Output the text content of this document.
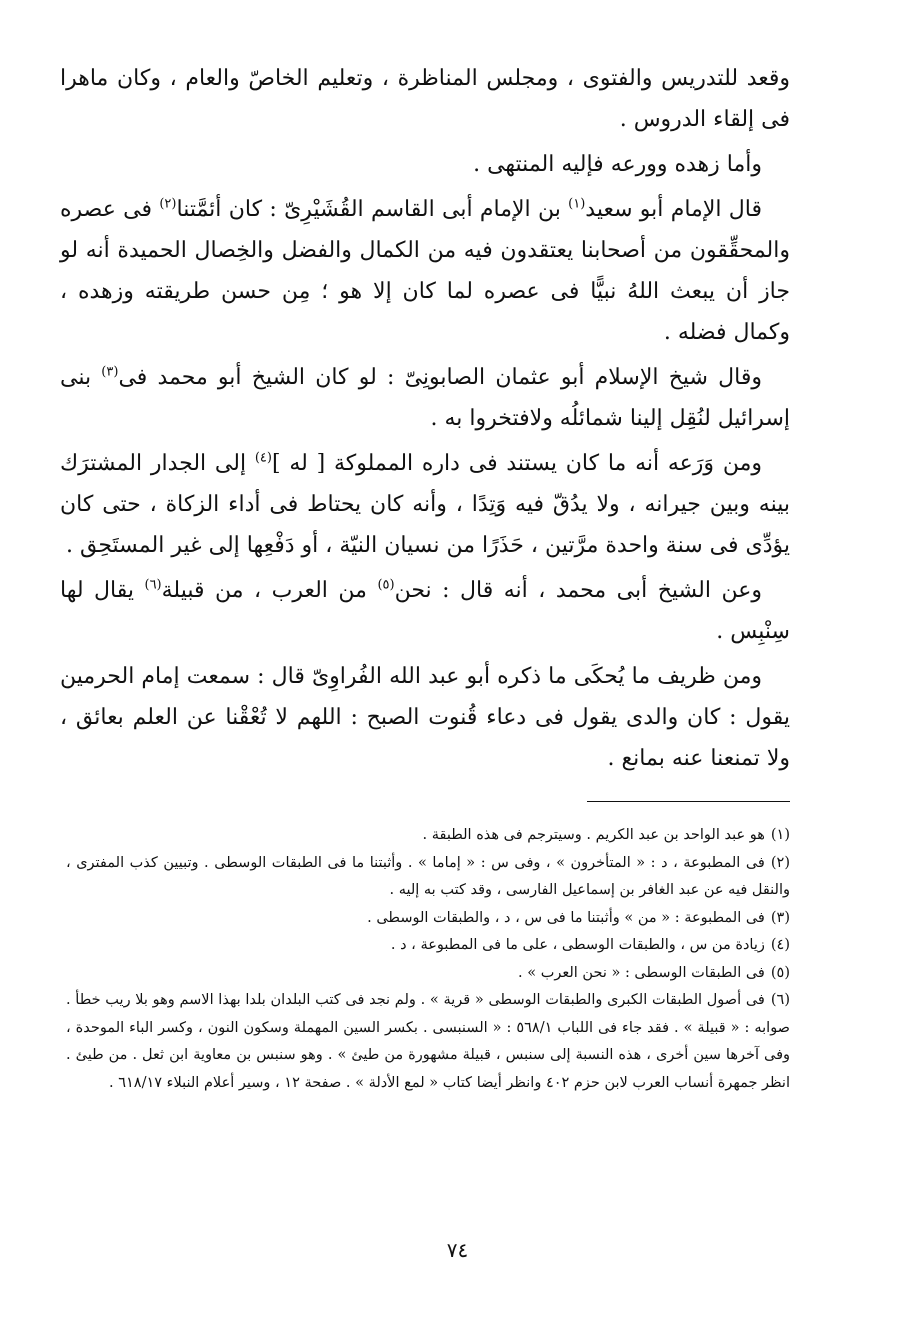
وقعد للتدريس والفتوى ، ومجلس المناظرة ، وتعليم الخاصّ والعام ، وكان ماهرا فى إلقاء الدروس .

وأما زهده وورعه فإليه المنتهى .

قال الإمام أبو سعيد$^{(١)}$ بن الإمام أبى القاسم القُشَيْرِىّ : كان أئمَّتنا$^{(٢)}$ فى عصره والمحقِّقون من أصحابنا يعتقدون فيه من الكمال والفضل والخِصال الحميدة أنه لو جاز أن يبعث اللهُ نبيًّا فى عصره لما كان إلا هو ؛ مِن حسن طريقته وزهده ، وكمال فضله .

وقال شيخ الإسلام أبو عثمان الصابونِىّ : لو كان الشيخ أبو محمد فى$^{(٣)}$ بنى إسرائيل لنُقِل إلينا شمائلُه ولافتخروا به .

ومن وَرَعه أنه ما كان يستند فى داره المملوكة [ له ]$^{(٤)}$ إلى الجدار المشترَك بينه وبين جيرانه ، ولا يدُقّ فيه وَتِدًا ، وأنه كان يحتاط فى أداء الزكاة ، حتى كان يؤدِّى فى سنة واحدة مرَّتين ، حَذَرًا من نسيان النيّة ، أو دَفْعِها إلى غير المستَحِق .

وعن الشيخ أبى محمد ، أنه قال : نحن$^{(٥)}$ من العرب ، من قبيلة$^{(٦)}$ يقال لها سِنْبِس .

ومن ظريف ما يُحكَى ما ذكره أبو عبد الله الفُراوِىّ قال : سمعت إمام الحرمين يقول : كان والدى يقول فى دعاء قُنوت الصبح : اللهم لا تُعْقْنا عن العلم بعائق ، ولا تمنعنا عنه بمانع .

(١)هو عبد الواحد بن عبد الكريم . وسيترجم فى هذه الطبقة .

(٢)فى المطبوعة ، د : « المتأخرون » ، وفى س : « إماما » . وأثبتنا ما فى الطبقات الوسطى . وتبيين كذب المفترى ، والنقل فيه عن عبد الغافر بن إسماعيل الفارسى ، وقد كتب به إليه .

(٣)فى المطبوعة : « من » وأثبتنا ما فى س ، د ، والطبقات الوسطى .

(٤)زيادة من س ، والطبقات الوسطى ، على ما فى المطبوعة ، د .

(٥)فى الطبقات الوسطى : « نحن العرب » .

(٦)فى أصول الطبقات الكبرى والطبقات الوسطى « قرية » . ولم نجد فى كتب البلدان بلدا بهذا الاسم وهو بلا ريب خطأ . صوابه : « قبيلة » . فقد جاء فى اللباب ٥٦٨/١ : « السنبسى . بكسر السين المهملة وسكون النون ، وكسر الباء الموحدة ، وفى آخرها سين أخرى ، هذه النسبة إلى سنبس ، قبيلة مشهورة من طيئ » . وهو سنبس بن معاوية ابن ثعل . من طيئ . انظر جمهرة أنساب العرب لابن حزم ٤٠٢ وانظر أيضا كتاب « لمع الأدلة » . صفحة ١٢ ، وسير أعلام النبلاء ٦١٨/١٧ .

٧٤
